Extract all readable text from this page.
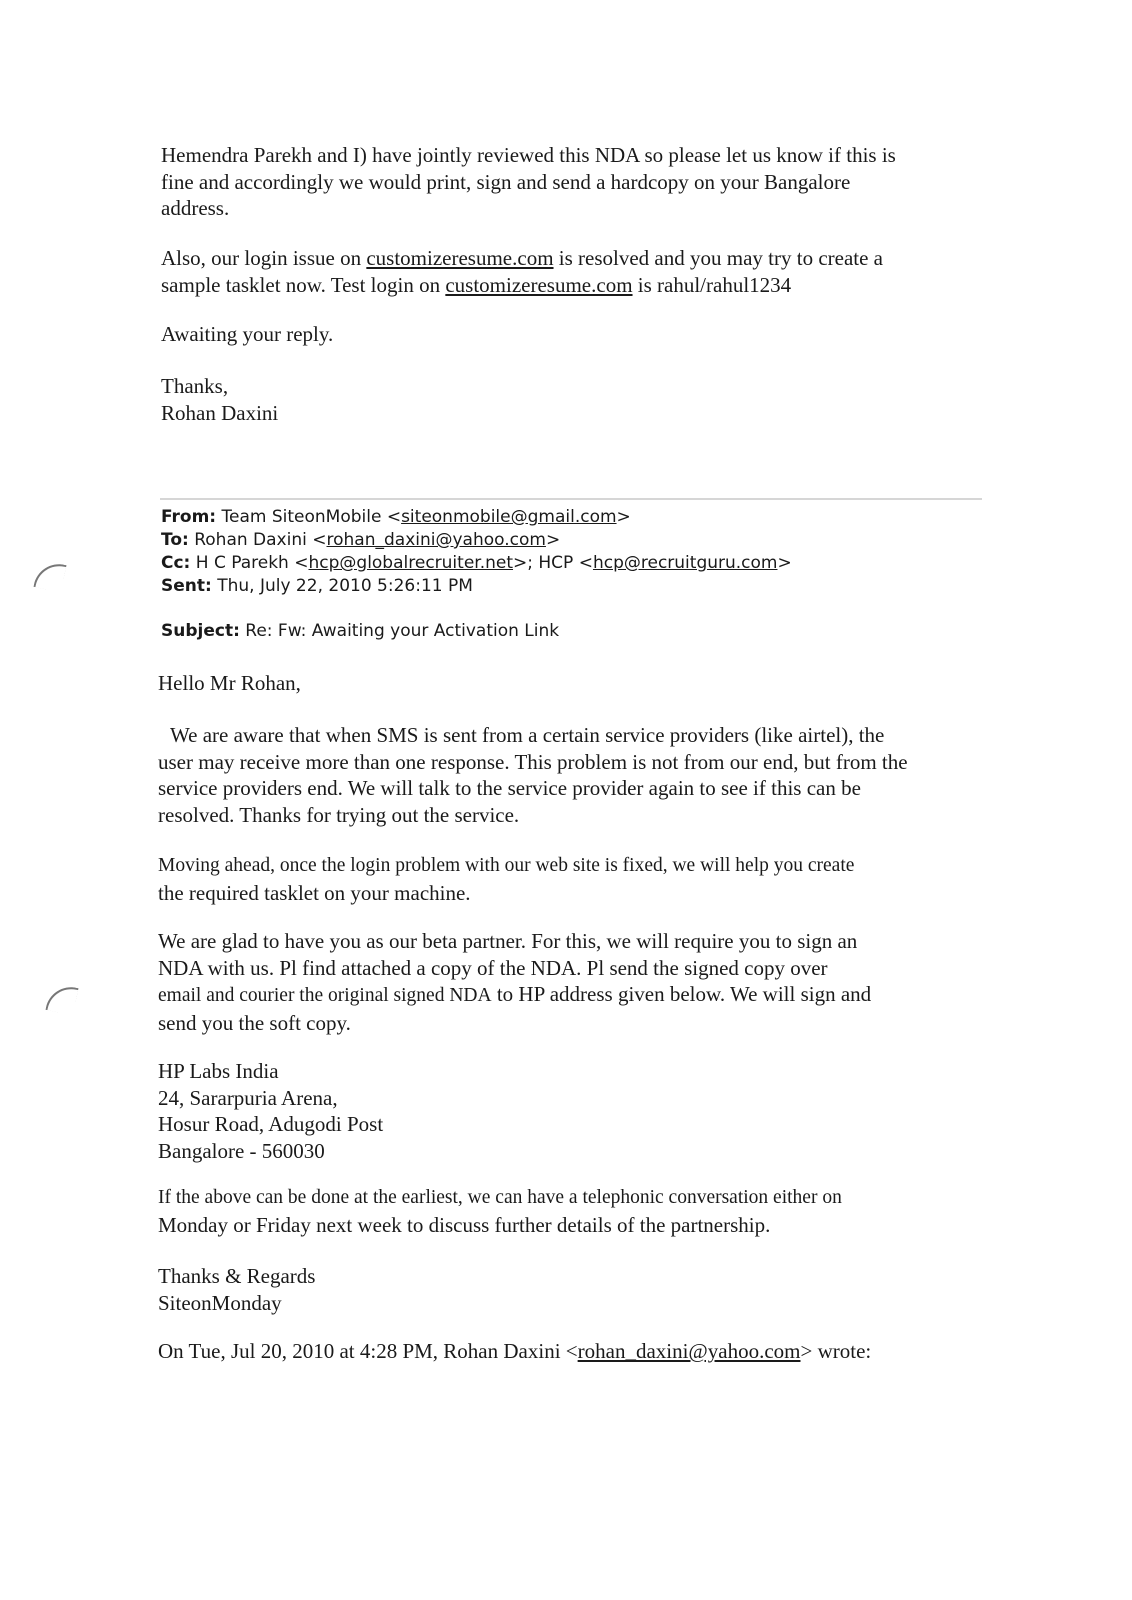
Hemendra Parekh and I) have jointly reviewed this NDA so please let us know if this is
fine and accordingly we would print, sign and send a hardcopy on your Bangalore
address.
Also, our login issue on customizeresume.com is resolved and you may try to create a
sample tasklet now. Test login on customizeresume.com is rahul/rahul1234
Awaiting your reply.
Thanks,
Rohan Daxini
From: Team SiteonMobile <siteonmobile@gmail.com>
To: Rohan Daxini <rohan_daxini@yahoo.com>
Cc: H C Parekh <hcp@globalrecruiter.net>; HCP <hcp@recruitguru.com>
Sent: Thu, July 22, 2010 5:26:11 PM
Subject: Re: Fw: Awaiting your Activation Link
Hello Mr Rohan,
We are aware that when SMS is sent from a certain service providers (like airtel), the
user may receive more than one response. This problem is not from our end, but from the
service providers end. We will talk to the service provider again to see if this can be
resolved. Thanks for trying out the service.
Moving ahead, once the login problem with our web site is fixed, we will help you create
the required tasklet on your machine.
We are glad to have you as our beta partner. For this, we will require you to sign an
NDA with us. Pl find attached a copy of the NDA. Pl send the signed copy over
email and courier the original signed NDA to HP address given below. We will sign and
send you the soft copy.
HP Labs India
24, Sararpuria Arena,
Hosur Road, Adugodi Post
Bangalore - 560030
If the above can be done at the earliest, we can have a telephonic conversation either on
Monday or Friday next week to discuss further details of the partnership.
Thanks & Regards
SiteonMonday
On Tue, Jul 20, 2010 at 4:28 PM, Rohan Daxini <rohan_daxini@yahoo.com> wrote:
